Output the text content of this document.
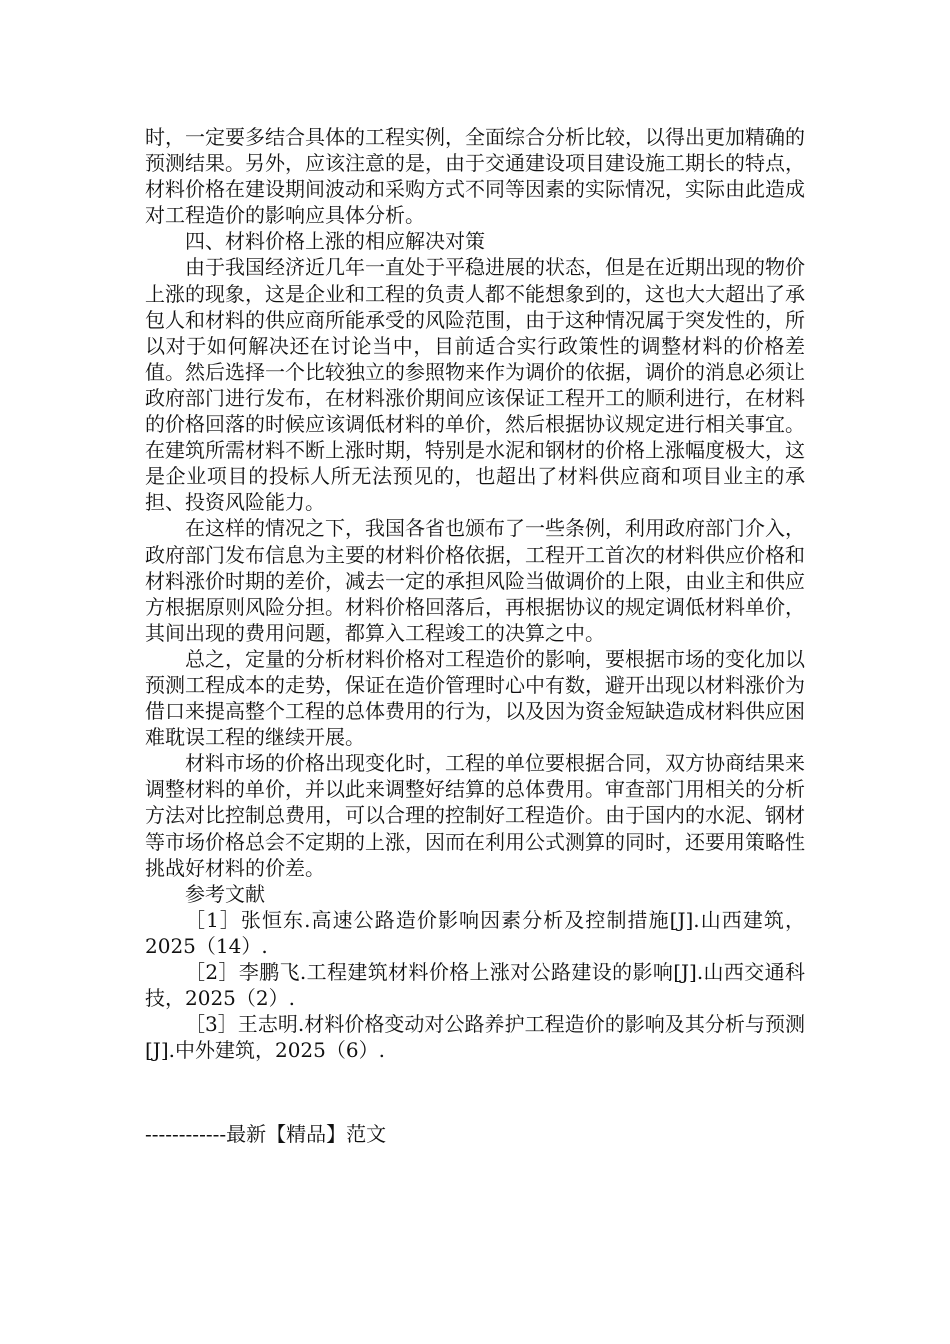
时，一定要多结合具体的工程实例，全面综合分析比较，以得出更加精确的预测结果。另外，应该注意的是，由于交通建设项目建设施工期长的特点，材料价格在建设期间波动和采购方式不同等因素的实际情况，实际由此造成对工程造价的影响应具体分析。

四、材料价格上涨的相应解决对策

由于我国经济近几年一直处于平稳进展的状态，但是在近期出现的物价上涨的现象，这是企业和工程的负责人都不能想象到的，这也大大超出了承包人和材料的供应商所能承受的风险范围，由于这种情况属于突发性的，所以对于如何解决还在讨论当中，目前适合实行政策性的调整材料的价格差值。然后选择一个比较独立的参照物来作为调价的依据，调价的消息必须让政府部门进行发布，在材料涨价期间应该保证工程开工的顺利进行，在材料的价格回落的时候应该调低材料的单价，然后根据协议规定进行相关事宜。在建筑所需材料不断上涨时期，特别是水泥和钢材的价格上涨幅度极大，这是企业项目的投标人所无法预见的，也超出了材料供应商和项目业主的承担、投资风险能力。

在这样的情况之下，我国各省也颁布了一些条例，利用政府部门介入，政府部门发布信息为主要的材料价格依据，工程开工首次的材料供应价格和材料涨价时期的差价，减去一定的承担风险当做调价的上限，由业主和供应方根据原则风险分担。材料价格回落后，再根据协议的规定调低材料单价，其间出现的费用问题，都算入工程竣工的决算之中。

总之，定量的分析材料价格对工程造价的影响，要根据市场的变化加以预测工程成本的走势，保证在造价管理时心中有数，避开出现以材料涨价为借口来提高整个工程的总体费用的行为，以及因为资金短缺造成材料供应困难耽误工程的继续开展。

材料市场的价格出现变化时，工程的单位要根据合同，双方协商结果来调整材料的单价，并以此来调整好结算的总体费用。审查部门用相关的分析方法对比控制总费用，可以合理的控制好工程造价。由于国内的水泥、钢材等市场价格总会不定期的上涨，因而在利用公式测算的同时，还要用策略性挑战好材料的价差。

参考文献

［1］张恒东.高速公路造价影响因素分析及控制措施[J].山西建筑，2025（14）.

［2］李鹏飞.工程建筑材料价格上涨对公路建设的影响[J].山西交通科技，2025（2）.

［3］王志明.材料价格变动对公路养护工程造价的影响及其分析与预测[J].中外建筑，2025（6）.

------------最新【精品】范文
